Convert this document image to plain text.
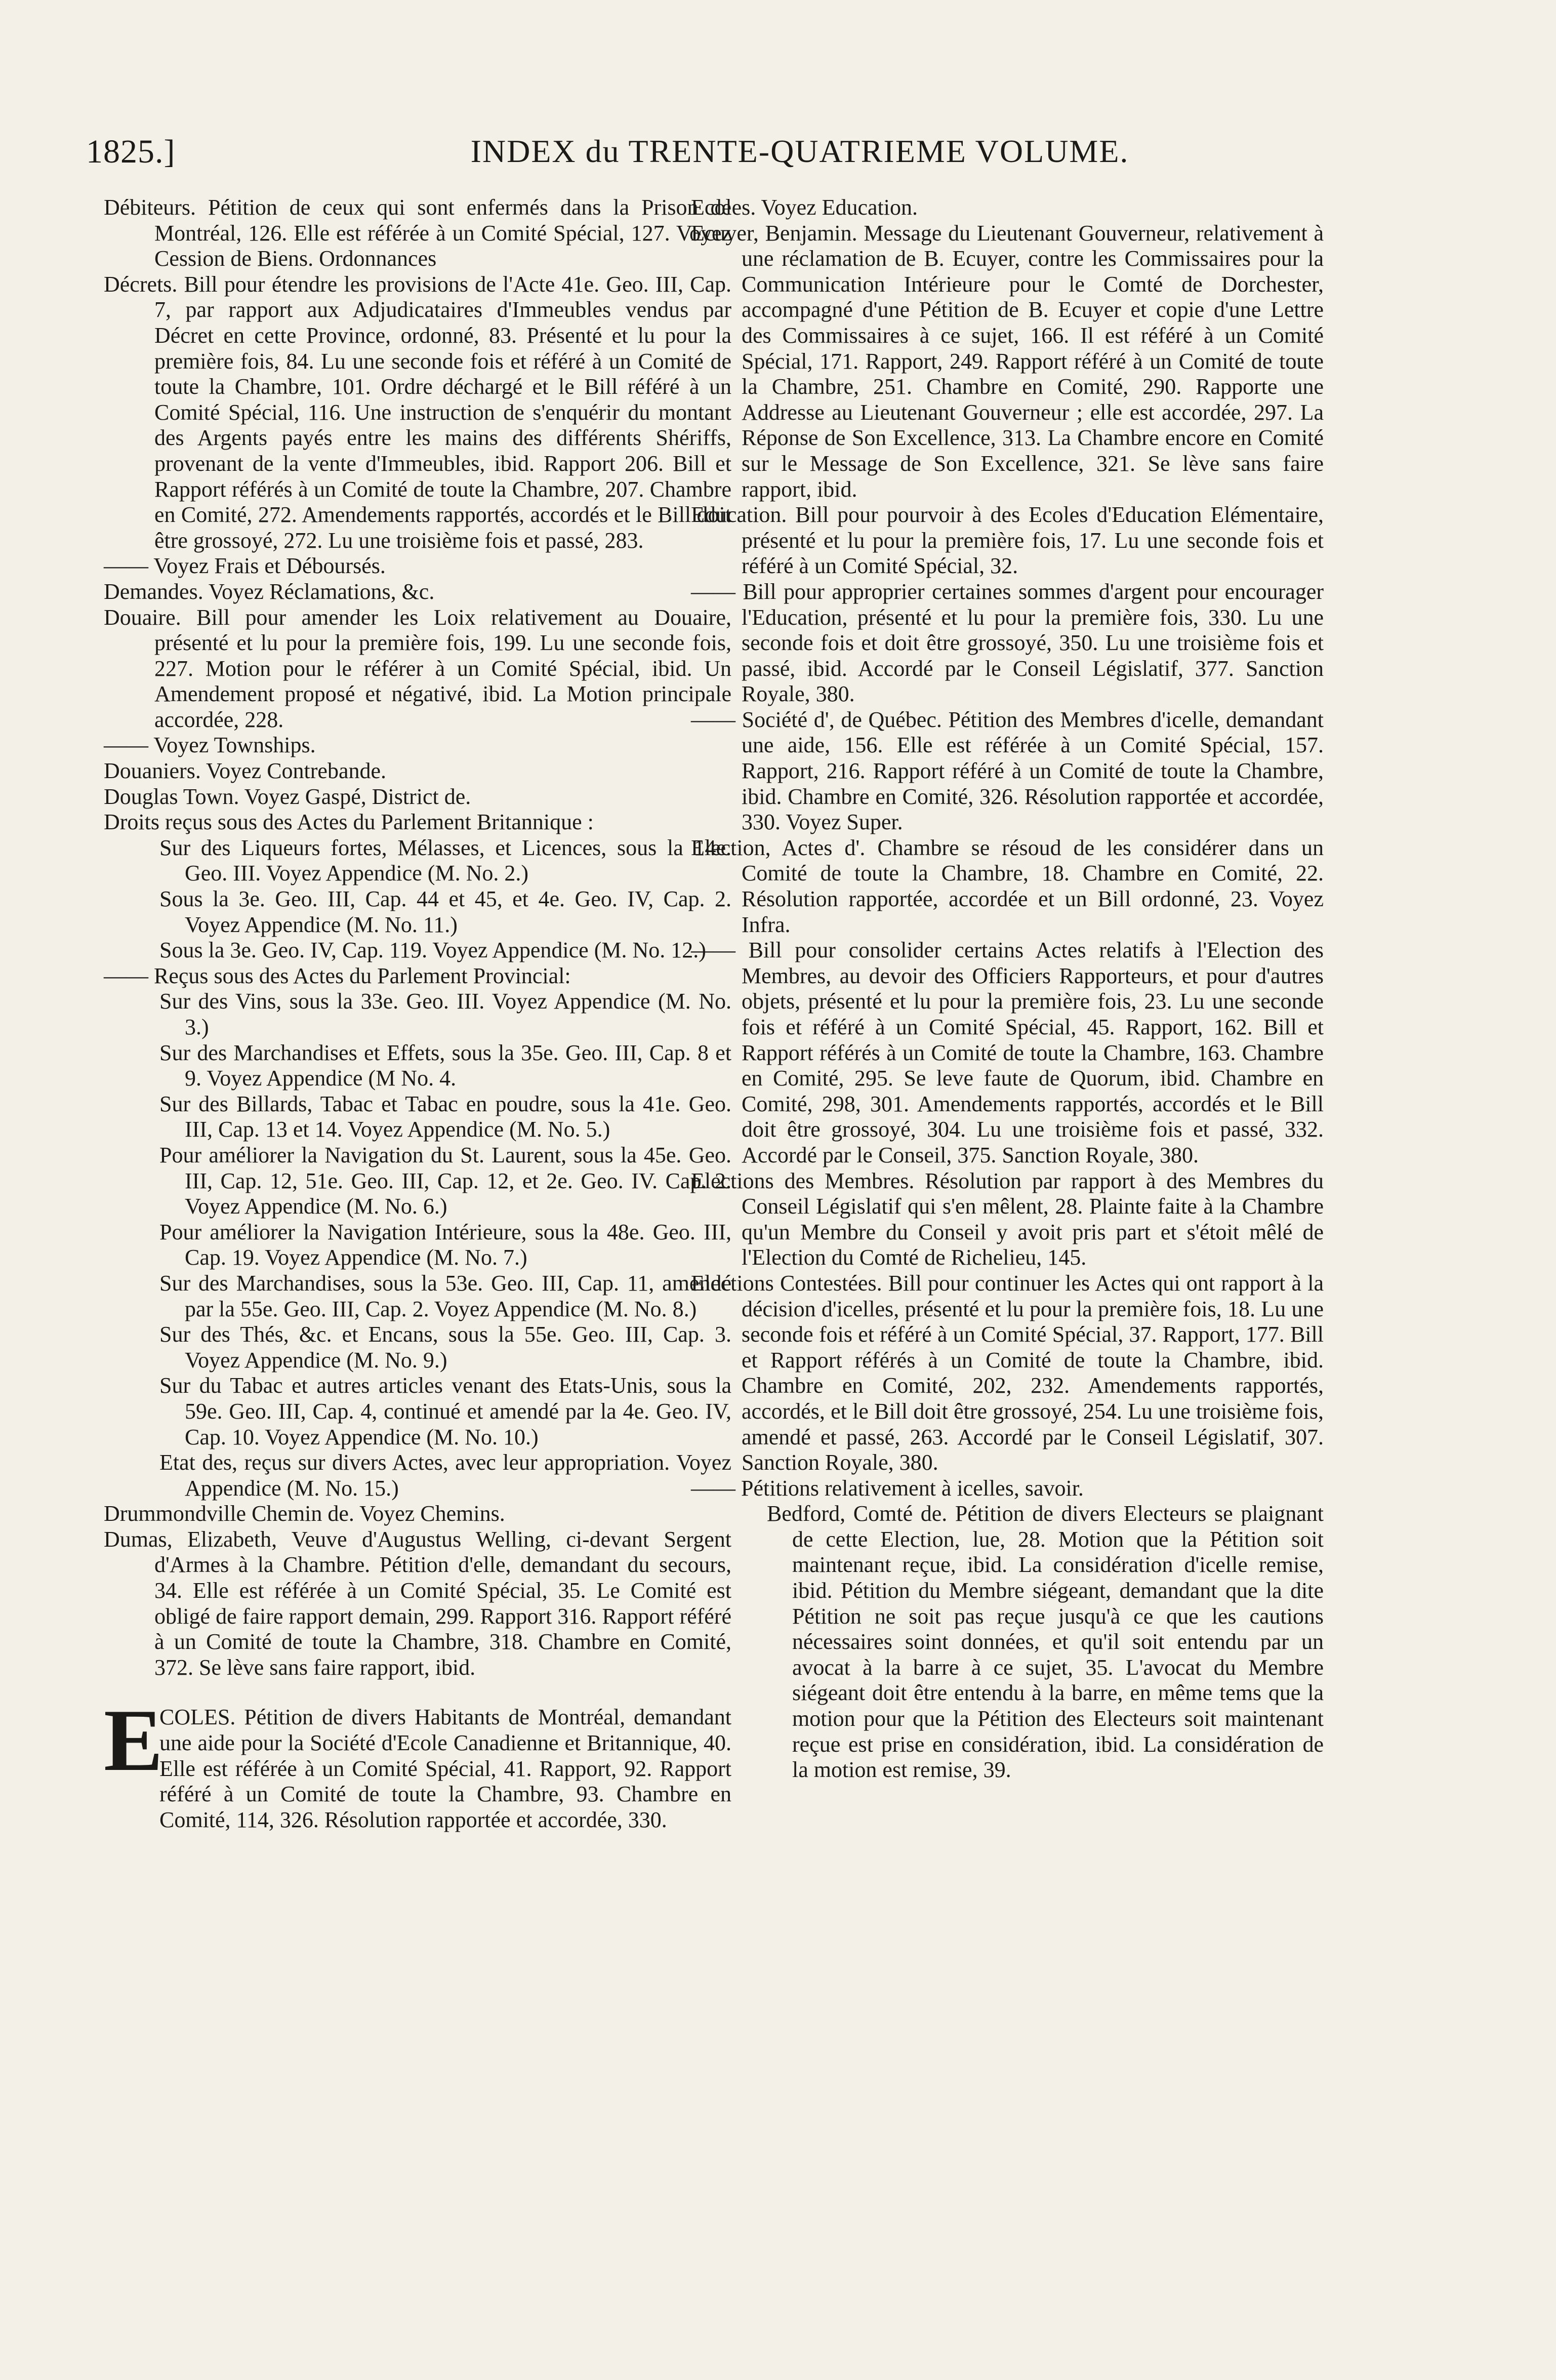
1825.]	INDEX du TRENTE-QUATRIEME VOLUME.

Débiteurs. Pétition de ceux qui sont enfermés dans la Prison de Montréal, 126. Elle est référée à un Comité Spécial, 127. Voyez Cession de Biens. Ordonnances

Décrets. Bill pour étendre les provisions de l'Acte 41e. Geo. III, Cap. 7, par rapport aux Adjudicataires d'Immeubles vendus par Décret en cette Province, ordonné, 83. Présenté et lu pour la première fois, 84. Lu une seconde fois et référé à un Comité de toute la Chambre, 101. Ordre déchargé et le Bill référé à un Comité Spécial, 116. Une instruction de s'enquérir du montant des Argents payés entre les mains des différents Shériffs, provenant de la vente d'Immeubles, ibid. Rapport 206. Bill et Rapport référés à un Comité de toute la Chambre, 207. Chambre en Comité, 272. Amendements rapportés, accordés et le Bill doit être grossoyé, 272. Lu une troisième fois et passé, 283.

—— Voyez Frais et Déboursés.

Demandes. Voyez Réclamations, &c.

Douaire. Bill pour amender les Loix relativement au Douaire, présenté et lu pour la première fois, 199. Lu une seconde fois, 227. Motion pour le référer à un Comité Spécial, ibid. Un Amendement proposé et négativé, ibid. La Motion principale accordée, 228.

—— Voyez Townships.

Douaniers. Voyez Contrebande.

Douglas Town. Voyez Gaspé, District de.

Droits reçus sous des Actes du Parlement Britannique :

Sur des Liqueurs fortes, Mélasses, et Licences, sous la 14e. Geo. III. Voyez Appendice (M. No. 2.)

Sous la 3e. Geo. III, Cap. 44 et 45, et 4e. Geo. IV, Cap. 2. Voyez Appendice (M. No. 11.)

Sous la 3e. Geo. IV, Cap. 119. Voyez Appendice (M. No. 12.)

—— Reçus sous des Actes du Parlement Provincial:

Sur des Vins, sous la 33e. Geo. III. Voyez Appendice (M. No. 3.)

Sur des Marchandises et Effets, sous la 35e. Geo. III, Cap. 8 et 9. Voyez Appendice (M No. 4.

Sur des Billards, Tabac et Tabac en poudre, sous la 41e. Geo. III, Cap. 13 et 14. Voyez Appendice (M. No. 5.)

Pour améliorer la Navigation du St. Laurent, sous la 45e. Geo. III, Cap. 12, 51e. Geo. III, Cap. 12, et 2e. Geo. IV. Cap. 2. Voyez Appendice (M. No. 6.)

Pour améliorer la Navigation Intérieure, sous la 48e. Geo. III, Cap. 19. Voyez Appendice (M. No. 7.)

Sur des Marchandises, sous la 53e. Geo. III, Cap. 11, amendé par la 55e. Geo. III, Cap. 2. Voyez Appendice (M. No. 8.)

Sur des Thés, &c. et Encans, sous la 55e. Geo. III, Cap. 3. Voyez Appendice (M. No. 9.)

Sur du Tabac et autres articles venant des Etats-Unis, sous la 59e. Geo. III, Cap. 4, continué et amendé par la 4e. Geo. IV, Cap. 10. Voyez Appendice (M. No. 10.)

Etat des, reçus sur divers Actes, avec leur appropriation. Voyez Appendice (M. No. 15.)

Drummondville Chemin de. Voyez Chemins.

Dumas, Elizabeth, Veuve d'Augustus Welling, ci-devant Sergent d'Armes à la Chambre. Pétition d'elle, demandant du secours, 34. Elle est référée à un Comité Spécial, 35. Le Comité est obligé de faire rapport demain, 299. Rapport 316. Rapport référé à un Comité de toute la Chambre, 318. Chambre en Comité, 372. Se lève sans faire rapport, ibid.

E
COLES. Pétition de divers Habitants de Montréal, demandant une aide pour la Société d'Ecole Canadienne et Britannique, 40. Elle est référée à un Comité Spécial, 41. Rapport, 92. Rapport référé à un Comité de toute la Chambre, 93. Chambre en Comité, 114, 326. Résolution rapportée et accordée, 330.

Ecoles. Voyez Education.

Ecuyer, Benjamin. Message du Lieutenant Gouverneur, relativement à une réclamation de B. Ecuyer, contre les Commissaires pour la Communication Intérieure pour le Comté de Dorchester, accompagné d'une Pétition de B. Ecuyer et copie d'une Lettre des Commissaires à ce sujet, 166. Il est référé à un Comité Spécial, 171. Rapport, 249. Rapport référé à un Comité de toute la Chambre, 251. Chambre en Comité, 290. Rapporte une Addresse au Lieutenant Gouverneur ; elle est accordée, 297. La Réponse de Son Excellence, 313. La Chambre encore en Comité sur le Message de Son Excellence, 321. Se lève sans faire rapport, ibid.

Education. Bill pour pourvoir à des Ecoles d'Education Elémentaire, présenté et lu pour la première fois, 17. Lu une seconde fois et référé à un Comité Spécial, 32.

—— Bill pour approprier certaines sommes d'argent pour encourager l'Education, présenté et lu pour la première fois, 330. Lu une seconde fois et doit être grossoyé, 350. Lu une troisième fois et passé, ibid. Accordé par le Conseil Législatif, 377. Sanction Royale, 380.

—— Société d', de Québec. Pétition des Membres d'icelle, demandant une aide, 156. Elle est référée à un Comité Spécial, 157. Rapport, 216. Rapport référé à un Comité de toute la Chambre, ibid. Chambre en Comité, 326. Résolution rapportée et accordée, 330. Voyez Super.

Election, Actes d'. Chambre se résoud de les considérer dans un Comité de toute la Chambre, 18. Chambre en Comité, 22. Résolution rapportée, accordée et un Bill ordonné, 23. Voyez Infra.

—— Bill pour consolider certains Actes relatifs à l'Election des Membres, au devoir des Officiers Rapporteurs, et pour d'autres objets, présenté et lu pour la première fois, 23. Lu une seconde fois et référé à un Comité Spécial, 45. Rapport, 162. Bill et Rapport référés à un Comité de toute la Chambre, 163. Chambre en Comité, 295. Se leve faute de Quorum, ibid. Chambre en Comité, 298, 301. Amendements rapportés, accordés et le Bill doit être grossoyé, 304. Lu une troisième fois et passé, 332. Accordé par le Conseil, 375. Sanction Royale, 380.

Elections des Membres. Résolution par rapport à des Membres du Conseil Législatif qui s'en mêlent, 28. Plainte faite à la Chambre qu'un Membre du Conseil y avoit pris part et s'étoit mêlé de l'Election du Comté de Richelieu, 145.

Elections Contestées. Bill pour continuer les Actes qui ont rapport à la décision d'icelles, présenté et lu pour la première fois, 18. Lu une seconde fois et référé à un Comité Spécial, 37. Rapport, 177. Bill et Rapport référés à un Comité de toute la Chambre, ibid. Chambre en Comité, 202, 232. Amendements rapportés, accordés, et le Bill doit être grossoyé, 254. Lu une troisième fois, amendé et passé, 263. Accordé par le Conseil Législatif, 307. Sanction Royale, 380.

—— Pétitions relativement à icelles, savoir.

Bedford, Comté de. Pétition de divers Electeurs se plaignant de cette Election, lue, 28. Motion que la Pétition soit maintenant reçue, ibid. La considération d'icelle remise, ibid. Pétition du Membre siégeant, demandant que la dite Pétition ne soit pas reçue jusqu'à ce que les cautions nécessaires soint données, et qu'il soit entendu par un avocat à la barre à ce sujet, 35. L'avocat du Membre siégeant doit être entendu à la barre, en même tems que la motion pour que la Pétition des Electeurs soit maintenant reçue est prise en considération, ibid. La considération de la motion est remise, 39.
